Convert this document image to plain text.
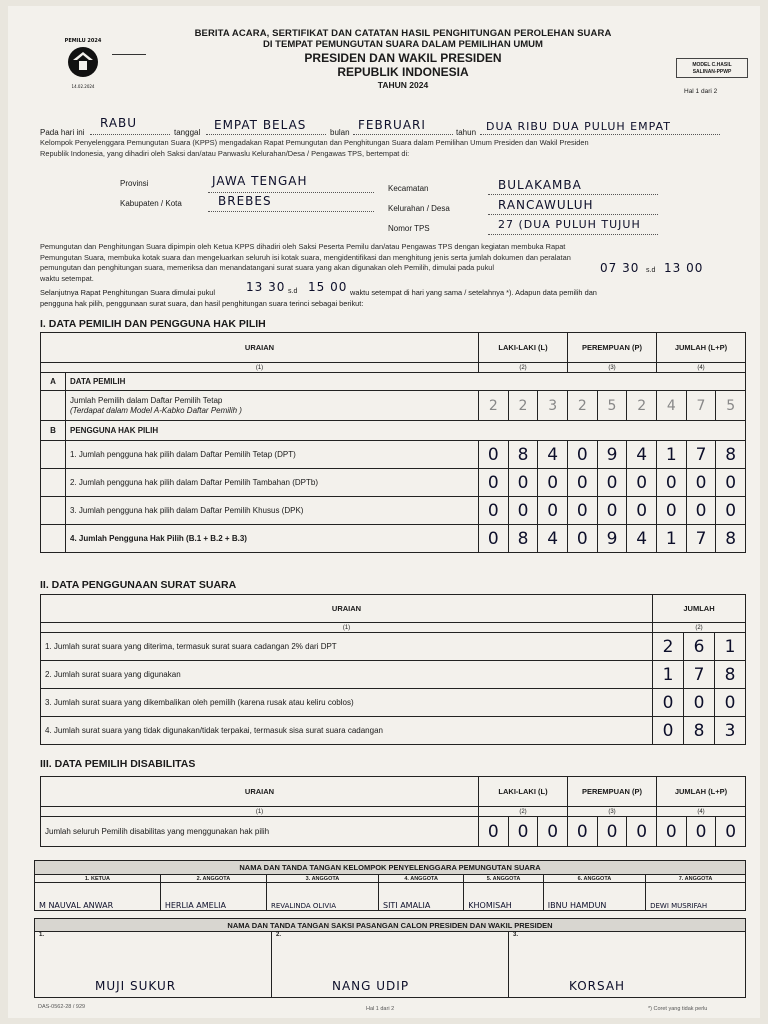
PEMILU 2024
14.02.2024
BERITA ACARA, SERTIFIKAT DAN CATATAN HASIL PENGHITUNGAN PEROLEHAN SUARA
DI TEMPAT PEMUNGUTAN SUARA DALAM PEMILIHAN UMUM
PRESIDEN DAN WAKIL PRESIDEN
REPUBLIK INDONESIA
TAHUN 2024
MODEL C.HASIL
SALINAN-PPWP
Hal 1 dari 2
Pada hari ini
RABU
tanggal
EMPAT BELAS
bulan
FEBRUARI
tahun DUA RIBU DUA PULUH EMPAT
Kelompok Penyelenggara Pemungutan Suara (KPPS) mengadakan Rapat Pemungutan dan Penghitungan Suara dalam Pemilihan Umum Presiden dan Wakil Presiden
Republik Indonesia, yang dihadiri oleh Saksi dan/atau Panwaslu Kelurahan/Desa / Pengawas TPS, bertempat di:
Provinsi	JAWA TENGAH
Kabupaten / Kota	BREBES
Kecamatan	BULAKAMBA
Kelurahan / Desa	RANCAWULUH
Nomor TPS	27 (DUA PULUH TUJUH
Pemungutan dan Penghitungan Suara dipimpin oleh Ketua KPPS dihadiri oleh Saksi Peserta Pemilu dan/atau Pengawas TPS dengan kegiatan membuka Rapat
Pemungutan Suara, membuka kotak suara dan mengeluarkan seluruh isi kotak suara, mengidentifikasi dan menghitung jenis serta jumlah dokumen dan peralatan
pemungutan dan penghitungan suara, memeriksa dan menandatangani surat suara yang akan digunakan oleh Pemilih, dimulai pada pukul
waktu setempat.
07 30 s.d 13 00
Selanjutnya Rapat Penghitungan Suara dimulai pukul	13 30 s.d 15 00 waktu setempat di hari yang sama / setelahnya *). Adapun data pemilih dan
pengguna hak pilih, penggunaan surat suara, dan hasil penghitungan suara terinci sebagai berikut:
I. DATA PEMILIH DAN PENGGUNA HAK PILIH
URAIAN		LAKI-LAKI (L)			PEREMPUAN (P)			JUMLAH (L+P)		
(1)		(2)			(3)			(4)		
A	DATA PEMILIH									

	Jumlah Pemilih dalam Daftar Pemilih Tetap
(Terdapat dalam Model A-Kabko Daftar Pemilih )	2	2	3	2	5	2	4	7	5
B	PENGGUNA HAK PILIH									
	1. Jumlah pengguna hak pilih dalam Daftar Pemilih Tetap (DPT)	0	8	4	0	9	4	1	7	8
	2. Jumlah pengguna hak pilih dalam Daftar Pemilih Tambahan (DPTb)	0	0	0	0	0	0	0	0	0
	3. Jumlah pengguna hak pilih dalam Daftar Pemilih Khusus (DPK)	0	0	0	0	0	0	0	0	0
	4. Jumlah Pengguna Hak Pilih (B.1 + B.2 + B.3)	0	8	4	0	9	4	1	7	8
II. DATA PENGGUNAAN SURAT SUARA
URAIAN	JUMLAH		
(1)	(2)		
1. Jumlah surat suara yang diterima, termasuk surat suara cadangan 2% dari DPT	2	6	1
2. Jumlah surat suara yang digunakan	1	7	8
3. Jumlah surat suara yang dikembalikan oleh pemilih (karena rusak atau keliru coblos)	0	0	0
4. Jumlah surat suara yang tidak digunakan/tidak terpakai, termasuk sisa surat suara cadangan	0	8	3
III. DATA PEMILIH DISABILITAS
URAIAN	LAKI-LAKI (L)			PEREMPUAN (P)			JUMLAH (L+P)		
(1)	(2)			(3)			(4)		
Jumlah seluruh Pemilih disabilitas yang menggunakan hak pilih	0	0	0	0	0	0	0	0	0
NAMA DAN TANDA TANGAN KELOMPOK PENYELENGGARA PEMUNGUTAN SUARA						
1. KETUA	2. ANGGOTA	3. ANGGOTA	4. ANGGOTA	5. ANGGOTA	6. ANGGOTA	7. ANGGOTA
M NAUVAL ANWAR	HERLIA AMELIA	REVALINDA OLIVIA	SITI AMALIA	KHOMISAH	IBNU HAMDUN	DEWI MUSRIFAH
NAMA DAN TANDA TANGAN SAKSI PASANGAN CALON PRESIDEN DAN WAKIL PRESIDEN
1.
MUJI SUKUR
	2.
NANG UDIP
	3.
KORSAH
DAS-0562-28 / 929	Hal 1 dari 2	*) Coret yang tidak perlu
